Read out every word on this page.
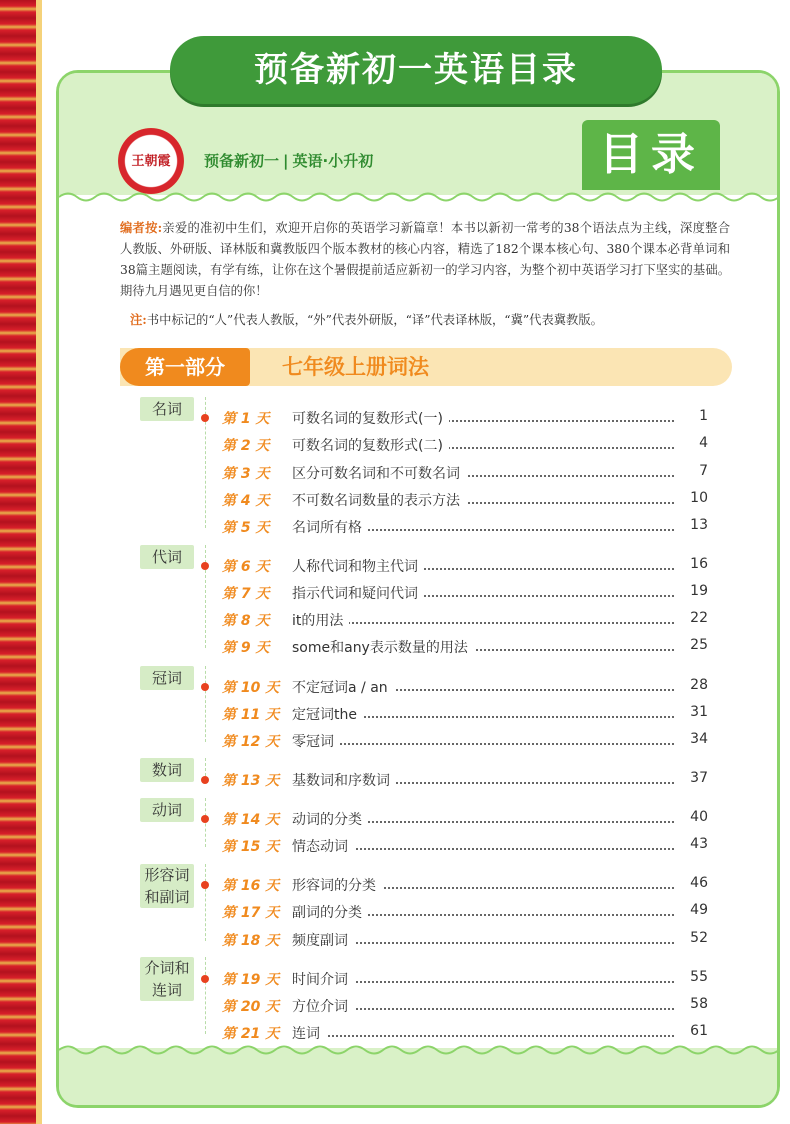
预备新初一英语目录
王朝霞	预备新初一 | 英语·小升初	目录
编者按:亲爱的准初中生们，欢迎开启你的英语学习新篇章！本书以新初一常考的38个语法点为主线，深度整合人教版、外研版、译林版和冀教版四个版本教材的核心内容，精选了182个课本核心句、380个课本必背单词和38篇主题阅读，有学有练，让你在这个暑假提前适应新初一的学习内容，为整个初中英语学习打下坚实的基础。期待九月遇见更自信的你！
注:书中标记的“人”代表人教版，“外”代表外研版，“译”代表译林版，“冀”代表冀教版。
第一部分	七年级上册词法
名词
第 1 天 可数名词的复数形式(一)	1
第 2 天 可数名词的复数形式(二)	4
第 3 天 区分可数名词和不可数名词	7
第 4 天 不可数名词数量的表示方法	10
第 5 天 名词所有格	13
代词
第 6 天 人称代词和物主代词	16
第 7 天 指示代词和疑问代词	19
第 8 天 it的用法	22
第 9 天 some和any表示数量的用法	25
冠词
第 10 天 不定冠词a / an	28
第 11 天 定冠词the	31
第 12 天 零冠词	34
数词
第 13 天 基数词和序数词	37
动词
第 14 天 动词的分类	40
第 15 天 情态动词	43
形容词和副词
第 16 天 形容词的分类	46
第 17 天 副词的分类	49
第 18 天 频度副词	52
介词和连词
第 19 天 时间介词	55
第 20 天 方位介词	58
第 21 天 连词	61
